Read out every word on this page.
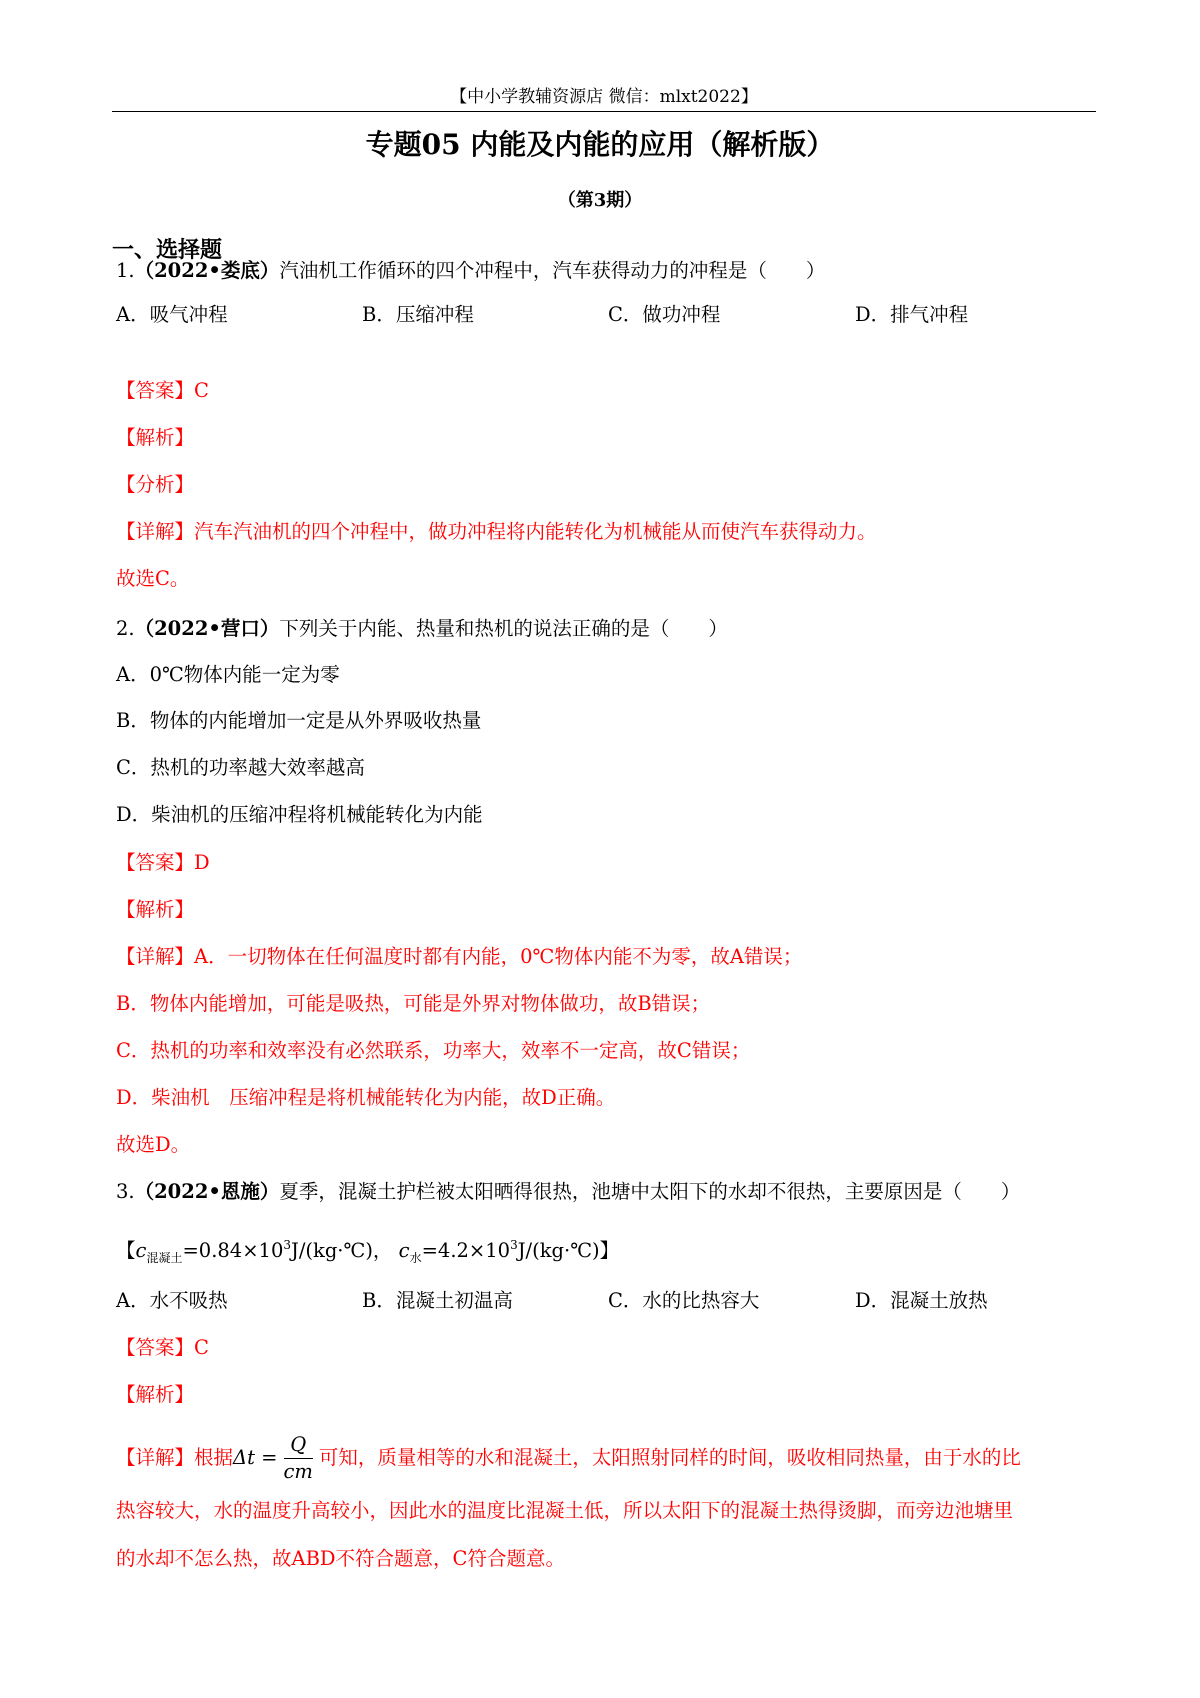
【中小学教辅资源店 微信：mlxt2022】
专题05 内能及内能的应用（解析版）
（第3期）
一、选择题
1.（2022•娄底）汽油机工作循环的四个冲程中，汽车获得动力的冲程是（　　）
A．吸气冲程	B．压缩冲程	C．做功冲程	D．排气冲程
【答案】C
【解析】
【分析】
【详解】汽车汽油机的四个冲程中，做功冲程将内能转化为机械能从而使汽车获得动力。
故选C。
2.（2022•营口）下列关于内能、热量和热机的说法正确的是（　　）
A．0℃物体内能一定为零
B．物体的内能增加一定是从外界吸收热量
C．热机的功率越大效率越高
D．柴油机的压缩冲程将机械能转化为内能
【答案】D
【解析】
【详解】A．一切物体在任何温度时都有内能，0℃物体内能不为零，故A错误；
B．物体内能增加，可能是吸热，可能是外界对物体做功，故B错误；
C．热机的功率和效率没有必然联系，功率大，效率不一定高，故C错误；
D．柴油机　压缩冲程是将机械能转化为内能，故D正确。
故选D。
3.（2022•恩施）夏季，混凝土护栏被太阳晒得很热，池塘中太阳下的水却不很热，主要原因是（　　）
【$c_{混凝土}=0.84\times 10^3J/(kg\cdot℃)$， $c_水=4.2\times 10^3J/(kg\cdot℃)$】
A．水不吸热	B．混凝土初温高	C．水的比热容大	D．混凝土放热
【答案】C
【解析】
【详解】根据$\Delta t = \frac{Q}{cm}$ 可知，质量相等的水和混凝土，太阳照射同样的时间，吸收相同热量，由于水的比
热容较大，水的温度升高较小，因此水的温度比混凝土低，所以太阳下的混凝土热得烫脚，而旁边池塘里
的水却不怎么热，故ABD不符合题意，C符合题意。
